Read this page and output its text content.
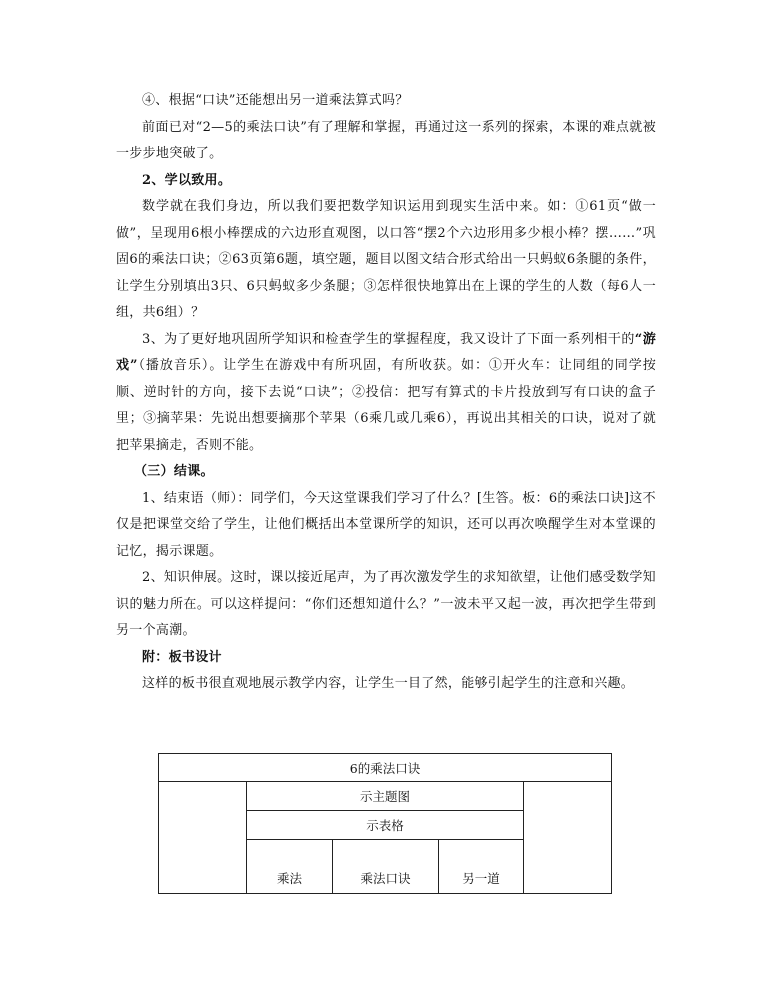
④、根据“口诀”还能想出另一道乘法算式吗？

前面已对“2—5的乘法口诀”有了理解和掌握，再通过这一系列的探索，本课的难点就被一步步地突破了。

2、学以致用。

数学就在我们身边，所以我们要把数学知识运用到现实生活中来。如：①61页“做一做”，呈现用6根小棒摆成的六边形直观图，以口答“摆2个六边形用多少根小棒？摆……”巩固6的乘法口诀；②63页第6题，填空题，题目以图文结合形式给出一只蚂蚁6条腿的条件，让学生分别填出3只、6只蚂蚁多少条腿；③怎样很快地算出在上课的学生的人数（每6人一组，共6组）？

3、为了更好地巩固所学知识和检查学生的掌握程度，我又设计了下面一系列相干的“游戏”（播放音乐）。让学生在游戏中有所巩固，有所收获。如：①开火车：让同组的同学按顺、逆时针的方向，接下去说“口诀”；②投信：把写有算式的卡片投放到写有口诀的盒子里；③摘苹果：先说出想要摘那个苹果（6乘几或几乘6），再说出其相关的口诀，说对了就把苹果摘走，否则不能。

（三）结课。

1、结束语（师）：同学们，今天这堂课我们学习了什么？[生答。板：6的乘法口诀]这不仅是把课堂交给了学生，让他们概括出本堂课所学的知识，还可以再次唤醒学生对本堂课的记忆，揭示课题。

2、知识伸展。这时，课以接近尾声，为了再次激发学生的求知欲望，让他们感受数学知识的魅力所在。可以这样提问：“你们还想知道什么？”一波未平又起一波，再次把学生带到另一个高潮。

附：板书设计

这样的板书很直观地展示教学内容，让学生一目了然，能够引起学生的注意和兴趣。

6的乘法口诀
示主题图
示表格
乘法	乘法口诀	另一道
